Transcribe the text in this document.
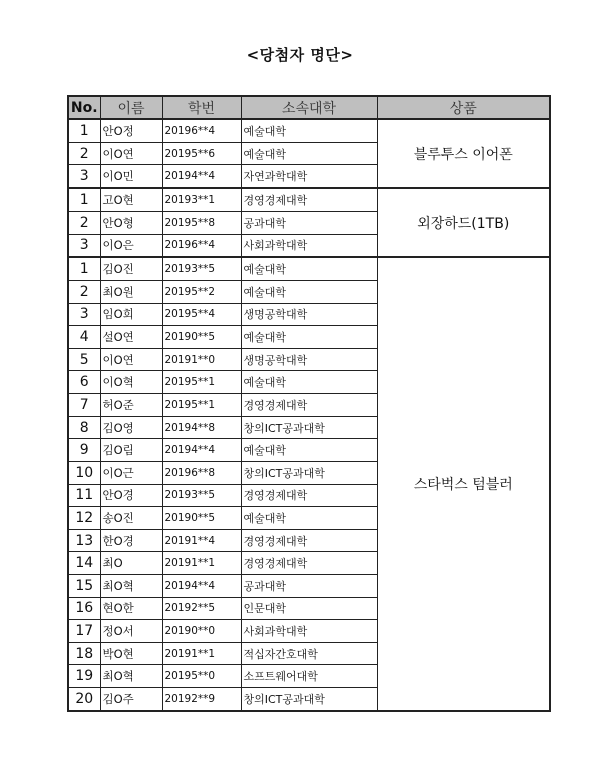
<당첨자 명단>
No.	이름	학번	소속대학	상품
1	안O정	20196**4	예술대학	블루투스 이어폰
2	이O연	20195**6	예술대학	
3	이O민	20194**4	자연과학대학	
1	고O현	20193**1	경영경제대학	외장하드(1TB)
2	안O형	20195**8	공과대학	
3	이O은	20196**4	사회과학대학	
1	김O진	20193**5	예술대학	스타벅스 텀블러
2	최O원	20195**2	예술대학	
3	임O희	20195**4	생명공학대학	
4	설O연	20190**5	예술대학	
5	이O연	20191**0	생명공학대학	
6	이O혁	20195**1	예술대학	
7	허O준	20195**1	경영경제대학	
8	김O영	20194**8	창의ICT공과대학	
9	김O림	20194**4	예술대학	
10	이O근	20196**8	창의ICT공과대학	
11	안O경	20193**5	경영경제대학	
12	송O진	20190**5	예술대학	
13	한O경	20191**4	경영경제대학	
14	최O	20191**1	경영경제대학	
15	최O혁	20194**4	공과대학	
16	현O한	20192**5	인문대학	
17	정O서	20190**0	사회과학대학	
18	박O현	20191**1	적십자간호대학	
19	최O혁	20195**0	소프트웨어대학	
20	김O주	20192**9	창의ICT공과대학	
